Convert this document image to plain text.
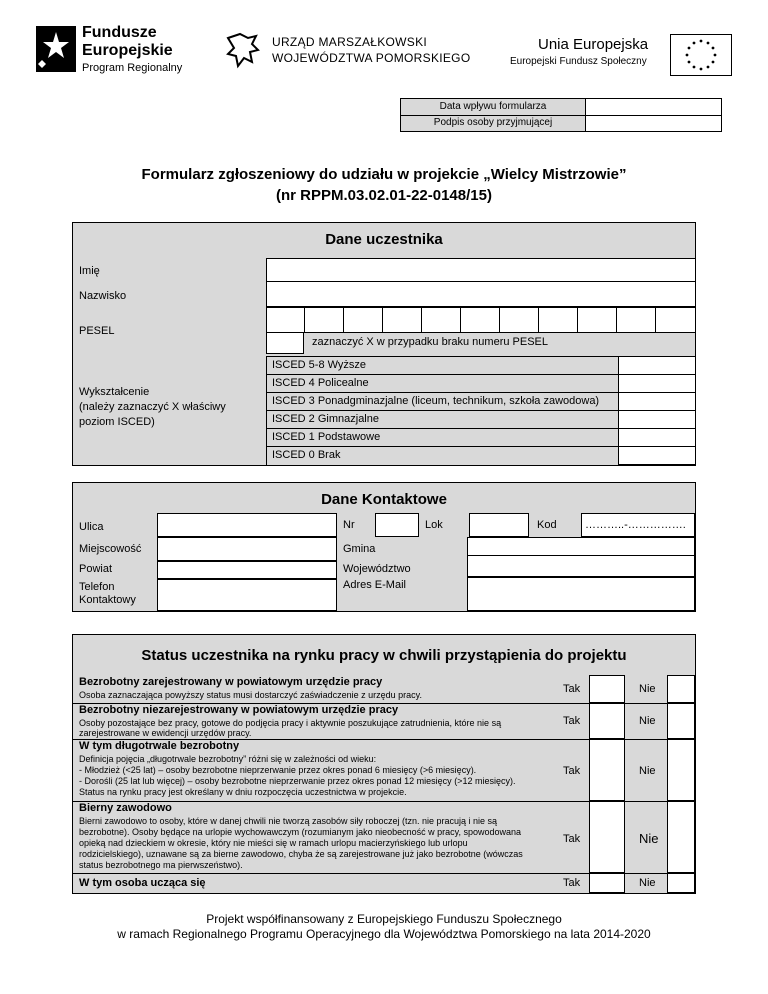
Fundusze
Europejskie
Program Regionalny
URZĄD MARSZAŁKOWSKI
WOJEWÓDZTWA POMORSKIEGO
Unia Europejska
Europejski Fundusz Społeczny
Data wpływu formularza
Podpis osoby przyjmującej
Formularz zgłoszeniowy do udziału w projekcie „Wielcy Mistrzowie”
(nr RPPM.03.02.01-22-0148/15)
Dane uczestnika
Imię
Nazwisko
PESEL
zaznaczyć X w przypadku braku numeru PESEL
Wykształcenie
(należy zaznaczyć X właściwy
poziom ISCED)
ISCED 5-8 Wyższe
ISCED 4 Policealne
ISCED 3 Ponadgminazjalne (liceum, technikum, szkoła zawodowa)
ISCED 2 Gimnazjalne
ISCED 1 Podstawowe
ISCED 0 Brak
Dane Kontaktowe
Ulica	Nr	Lok	Kod	………..-…………….
Miejscowość	Gmina
Powiat	Województwo
Telefon
Kontaktowy
Adres E-Mail
Status uczestnika na rynku pracy w chwili przystąpienia do projektu
Bezrobotny zarejestrowany w powiatowym urzędzie pracy
Osoba zaznaczająca powyższy status musi dostarczyć zaświadczenie z urzędu pracy.	Tak	Nie
Bezrobotny niezarejestrowany w powiatowym urzędzie pracy
Osoby pozostające bez pracy, gotowe do podjęcia pracy i aktywnie poszukujące zatrudnienia, które nie są
zarejestrowane w ewidencji urzędów pracy.
Tak	Nie
W tym długotrwale bezrobotny
Definicja pojęcia „długotrwale bezrobotny” różni się w zależności od wieku:
- Młodzież (<25 lat) – osoby bezrobotne nieprzerwanie przez okres ponad 6 miesięcy (>6 miesięcy).
- Dorośli (25 lat lub więcej) – osoby bezrobotne nieprzerwanie przez okres ponad 12 miesięcy (>12 miesięcy).
Status na rynku pracy jest określany w dniu rozpoczęcia uczestnictwa w projekcie.
Tak	Nie
Bierny zawodowo
Bierni zawodowo to osoby, które w danej chwili nie tworzą zasobów siły roboczej (tzn. nie pracują i nie są
bezrobotne). Osoby będące na urlopie wychowawczym (rozumianym jako nieobecność w pracy, spowodowana
opieką nad dzieckiem w okresie, który nie mieści się w ramach urlopu macierzyńskiego lub urlopu
rodzicielskiego), uznawane są za bierne zawodowo, chyba że są zarejestrowane już jako bezrobotne (wówczas
status bezrobotnego ma pierwszeństwo).
Tak	Nie
W tym osoba ucząca się	Tak	Nie
Projekt współfinansowany z Europejskiego Funduszu Społecznego
w ramach Regionalnego Programu Operacyjnego dla Województwa Pomorskiego na lata 2014-2020
